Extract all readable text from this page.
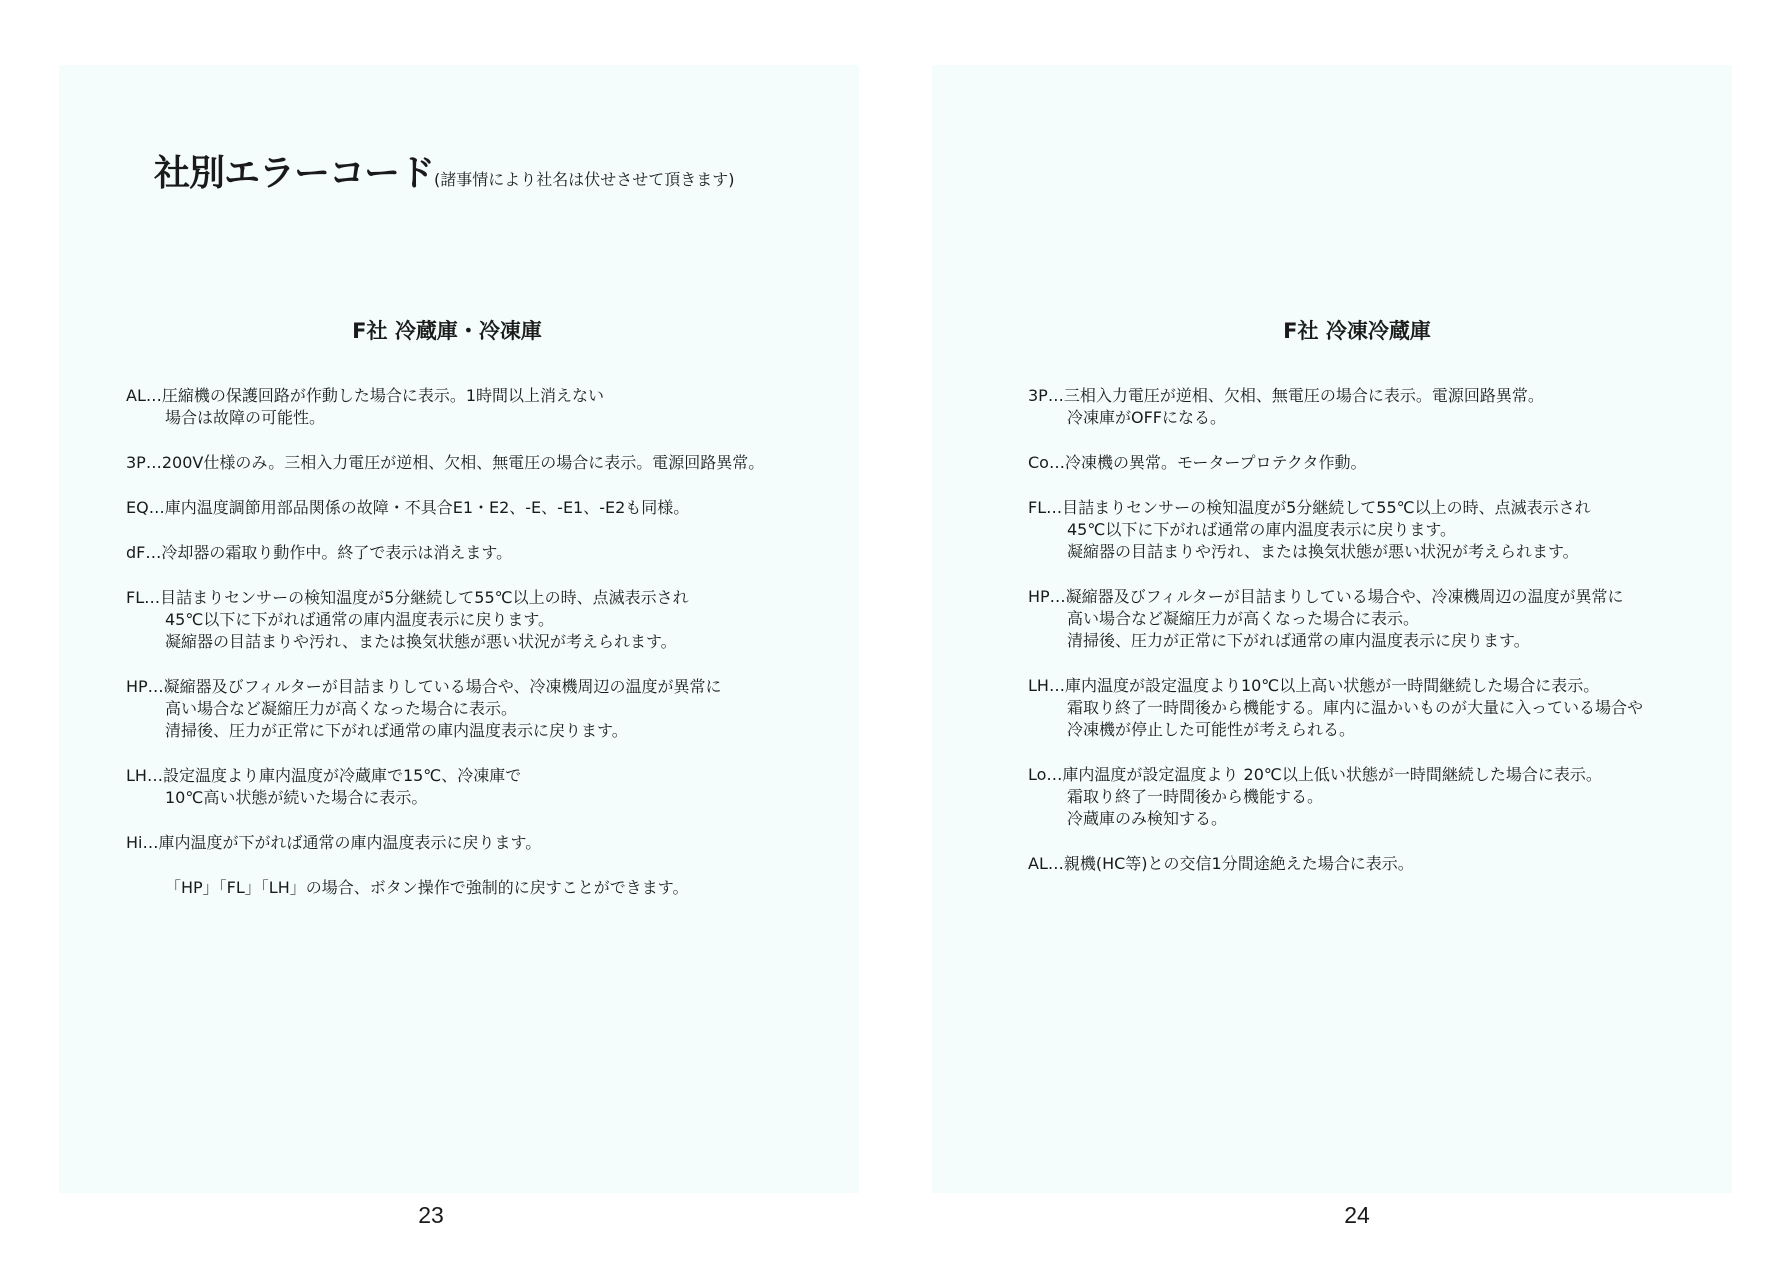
社別エラーコード(諸事情により社名は伏せさせて頂きます)
F社 冷蔵庫・冷凍庫
AL…圧縮機の保護回路が作動した場合に表示。1時間以上消えない
場合は故障の可能性。
3P…200V仕様のみ。三相入力電圧が逆相、欠相、無電圧の場合に表示。電源回路異常。
EQ…庫内温度調節用部品関係の故障・不具合E1・E2、-E、-E1、-E2も同様。
dF…冷却器の霜取り動作中。終了で表示は消えます。
FL…目詰まりセンサーの検知温度が5分継続して55℃以上の時、点滅表示され
45℃以下に下がれば通常の庫内温度表示に戻ります。
凝縮器の目詰まりや汚れ、または換気状態が悪い状況が考えられます。
HP…凝縮器及びフィルターが目詰まりしている場合や、冷凍機周辺の温度が異常に
高い場合など凝縮圧力が高くなった場合に表示。
清掃後、圧力が正常に下がれば通常の庫内温度表示に戻ります。
LH…設定温度より庫内温度が冷蔵庫で15℃、冷凍庫で
10℃高い状態が続いた場合に表示。
Hi…庫内温度が下がれば通常の庫内温度表示に戻ります。
「HP」「FL」「LH」の場合、ボタン操作で強制的に戻すことができます。
F社 冷凍冷蔵庫
3P…三相入力電圧が逆相、欠相、無電圧の場合に表示。電源回路異常。
冷凍庫がOFFになる。
Co…冷凍機の異常。モータープロテクタ作動。
FL…目詰まりセンサーの検知温度が5分継続して55℃以上の時、点滅表示され
45℃以下に下がれば通常の庫内温度表示に戻ります。
凝縮器の目詰まりや汚れ、または換気状態が悪い状況が考えられます。
HP…凝縮器及びフィルターが目詰まりしている場合や、冷凍機周辺の温度が異常に
高い場合など凝縮圧力が高くなった場合に表示。
清掃後、圧力が正常に下がれば通常の庫内温度表示に戻ります。
LH…庫内温度が設定温度より10℃以上高い状態が一時間継続した場合に表示。
霜取り終了一時間後から機能する。庫内に温かいものが大量に入っている場合や
冷凍機が停止した可能性が考えられる。
Lo…庫内温度が設定温度より 20℃以上低い状態が一時間継続した場合に表示。
霜取り終了一時間後から機能する。
冷蔵庫のみ検知する。
AL…親機(HC等)との交信1分間途絶えた場合に表示。
23	24
